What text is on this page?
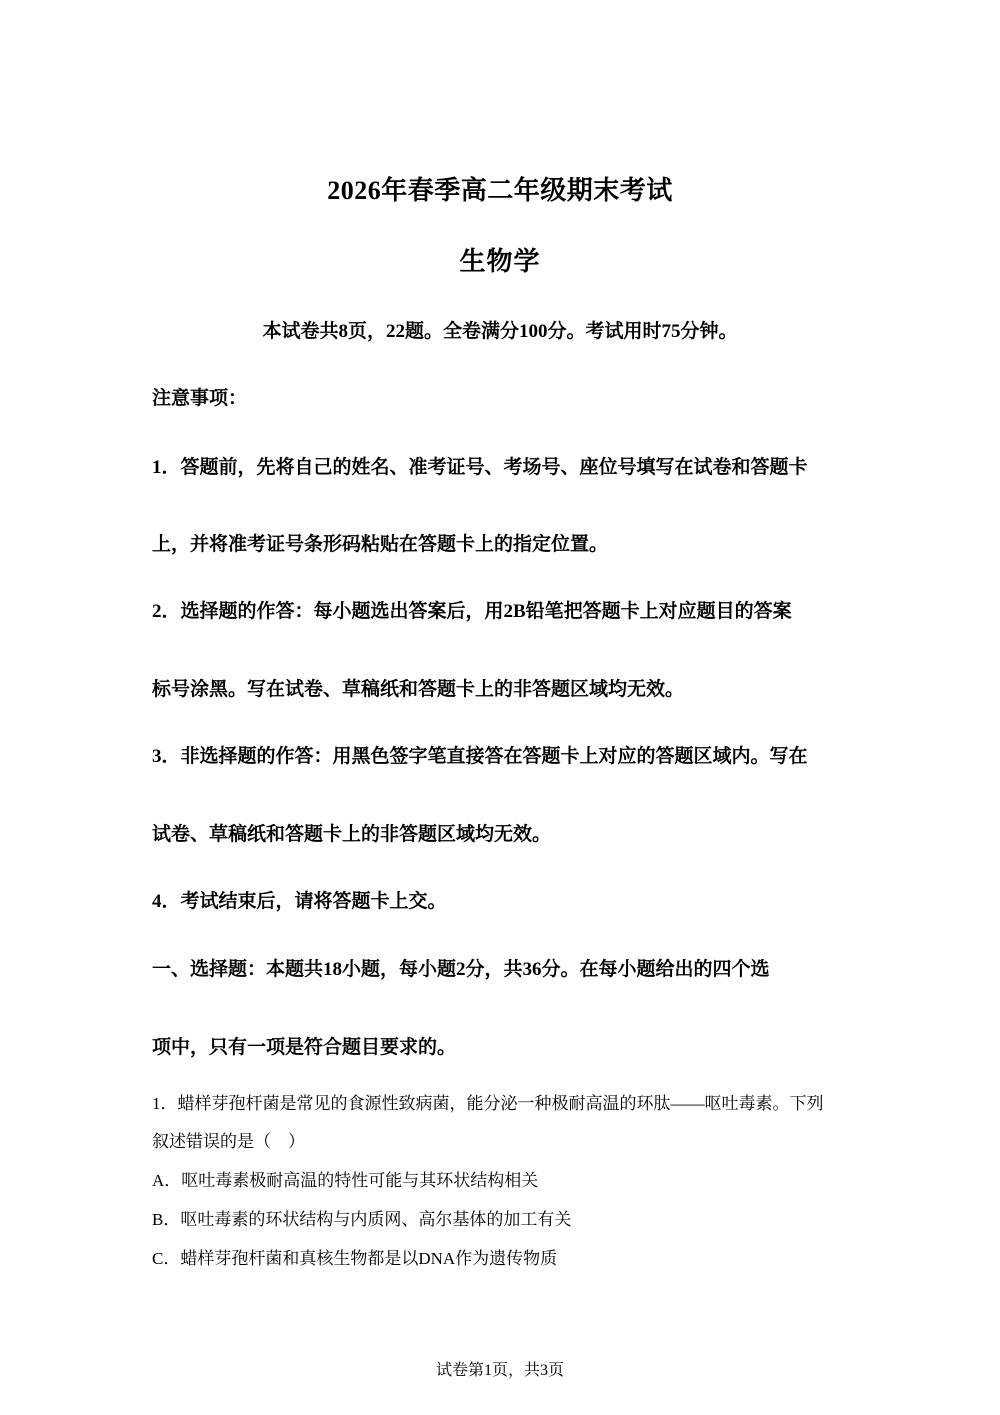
2026年春季高二年级期末考试
生物学
本试卷共8页，22题。全卷满分100分。考试用时75分钟。
注意事项：
1．答题前，先将自己的姓名、准考证号、考场号、座位号填写在试卷和答题卡
上，并将准考证号条形码粘贴在答题卡上的指定位置。
2．选择题的作答：每小题选出答案后，用2B铅笔把答题卡上对应题目的答案
标号涂黑。写在试卷、草稿纸和答题卡上的非答题区域均无效。
3．非选择题的作答：用黑色签字笔直接答在答题卡上对应的答题区域内。写在
试卷、草稿纸和答题卡上的非答题区域均无效。
4．考试结束后，请将答题卡上交。
一、选择题：本题共18小题，每小题2分，共36分。在每小题给出的四个选
项中，只有一项是符合题目要求的。
1．蜡样芽孢杆菌是常见的食源性致病菌，能分泌一种极耐高温的环肽——呕吐毒素。下列
叙述错误的是（　）
A．呕吐毒素极耐高温的特性可能与其环状结构相关
B．呕吐毒素的环状结构与内质网、高尔基体的加工有关
C．蜡样芽孢杆菌和真核生物都是以DNA作为遗传物质
试卷第1页，共3页
